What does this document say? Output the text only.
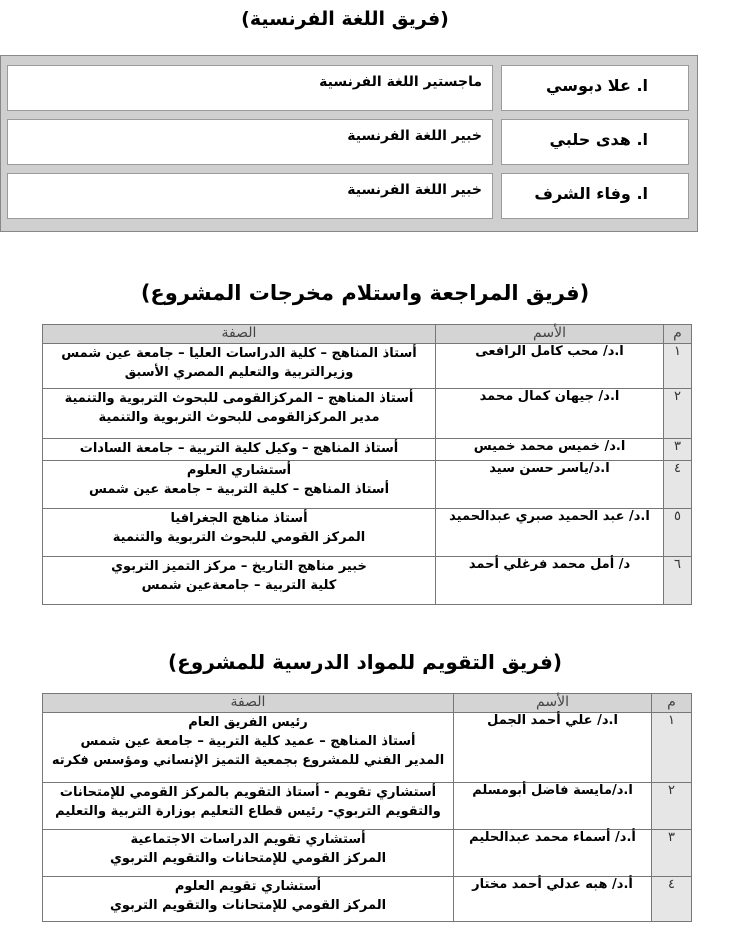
(فريق اللغة الفرنسية)
ا. علا دبوسي
ماجستير اللغة الفرنسية
ا. هدى حلبي
خبير اللغة الفرنسية
ا. وفاء الشرف
خبير اللغة الفرنسية
(فريق المراجعة واستلام مخرجات المشروع)
م	الأسم	الصفة
١	ا.د/ محب كامل الرافعى	أستاذ المناهج – كلية الدراسات العليا – جامعة عين شمس
وزيرالتربية والتعليم المصري الأسبق

٢	ا.د/ جيهان كمال محمد	أستاذ المناهج – المركزالقومى للبحوث التربوية والتنمية
مدير المركزالقومى للبحوث التربوية والتنمية

٣	ا.د/ خميس محمد خميس	أستاذ المناهج – وكيل كلية التربية – جامعة السادات

٤	ا.د/ياسر حسن سيد	أستشاري العلوم
أستاذ المناهج – كلية التربية – جامعة عين شمس

٥	ا.د/ عبد الحميد صبري عبدالحميد	أستاذ مناهج الجغرافيا
المركز القومي للبحوث التربوية والتنمية

٦	د/ أمل محمد فرغلي أحمد	خبير مناهج التاريخ – مركز التميز التربوي
كلية التربية – جامعةعين شمس
(فريق التقويم للمواد الدرسية للمشروع)
م	الأسم	الصفة
١	ا.د/ علي أحمد الجمل	رئيس الفريق العام
أستاذ المناهج – عميد كلية التربية – جامعة عين شمس
المدير الفني للمشروع بجمعية التميز الإنساني ومؤسس فكرته

٢	ا.د/مايسة فاضل أبومسلم	أستشاري تقويم - أستاذ التقويم بالمركز القومي للإمتحانات
والتقويم التربوي- رئيس قطاع التعليم بوزارة التربية والتعليم

٣	أ.د/ أسماء محمد عبدالحليم	أستشاري تقويم الدراسات الاجتماعية
المركز القومي للإمتحانات والتقويم التربوي

٤	أ.د/ هبه عدلي أحمد مختار	أستشاري تقويم العلوم
المركز القومي للإمتحانات والتقويم التربوي
